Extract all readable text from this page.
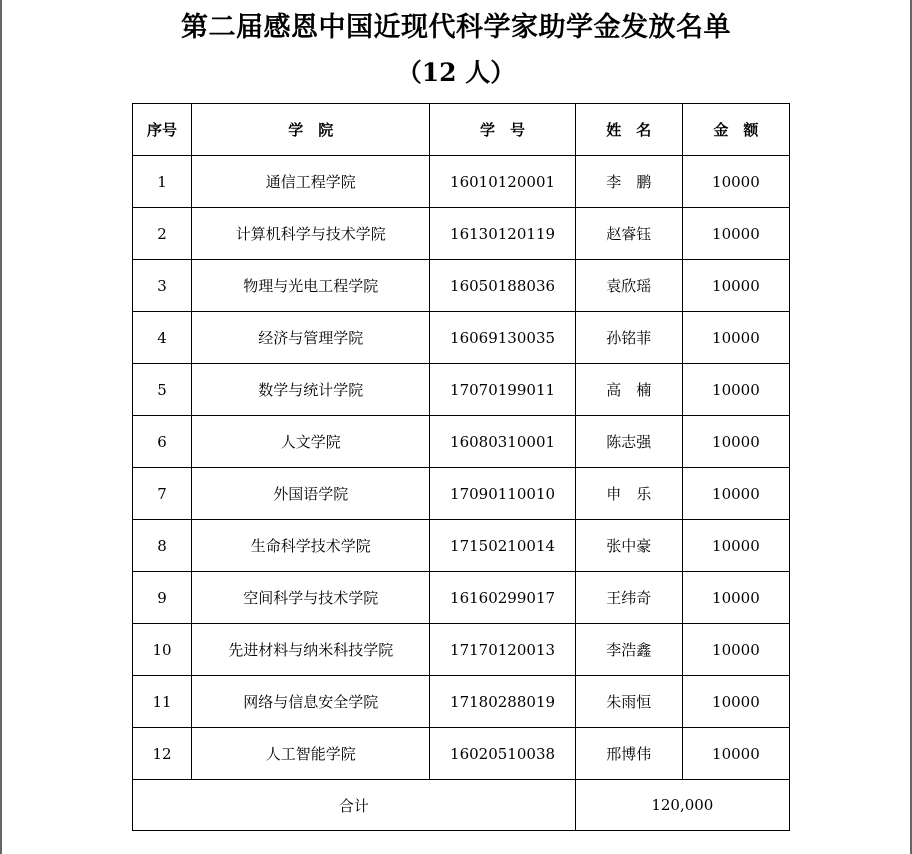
第二届感恩中国近现代科学家助学金发放名单
（12 人）
序号	学　院	学　号	姓　名	金　额
1	通信工程学院	16010120001	李　鹏	10000
2	计算机科学与技术学院	16130120119	赵睿钰	10000
3	物理与光电工程学院	16050188036	袁欣瑶	10000
4	经济与管理学院	16069130035	孙铭菲	10000
5	数学与统计学院	17070199011	高　楠	10000
6	人文学院	16080310001	陈志强	10000
7	外国语学院	17090110010	申　乐	10000
8	生命科学技术学院	17150210014	张中豪	10000
9	空间科学与技术学院	16160299017	王纬奇	10000
10	先进材料与纳米科技学院	17170120013	李浩鑫	10000
11	网络与信息安全学院	17180288019	朱雨恒	10000
12	人工智能学院	16020510038	邢博伟	10000
合计			120,000	
